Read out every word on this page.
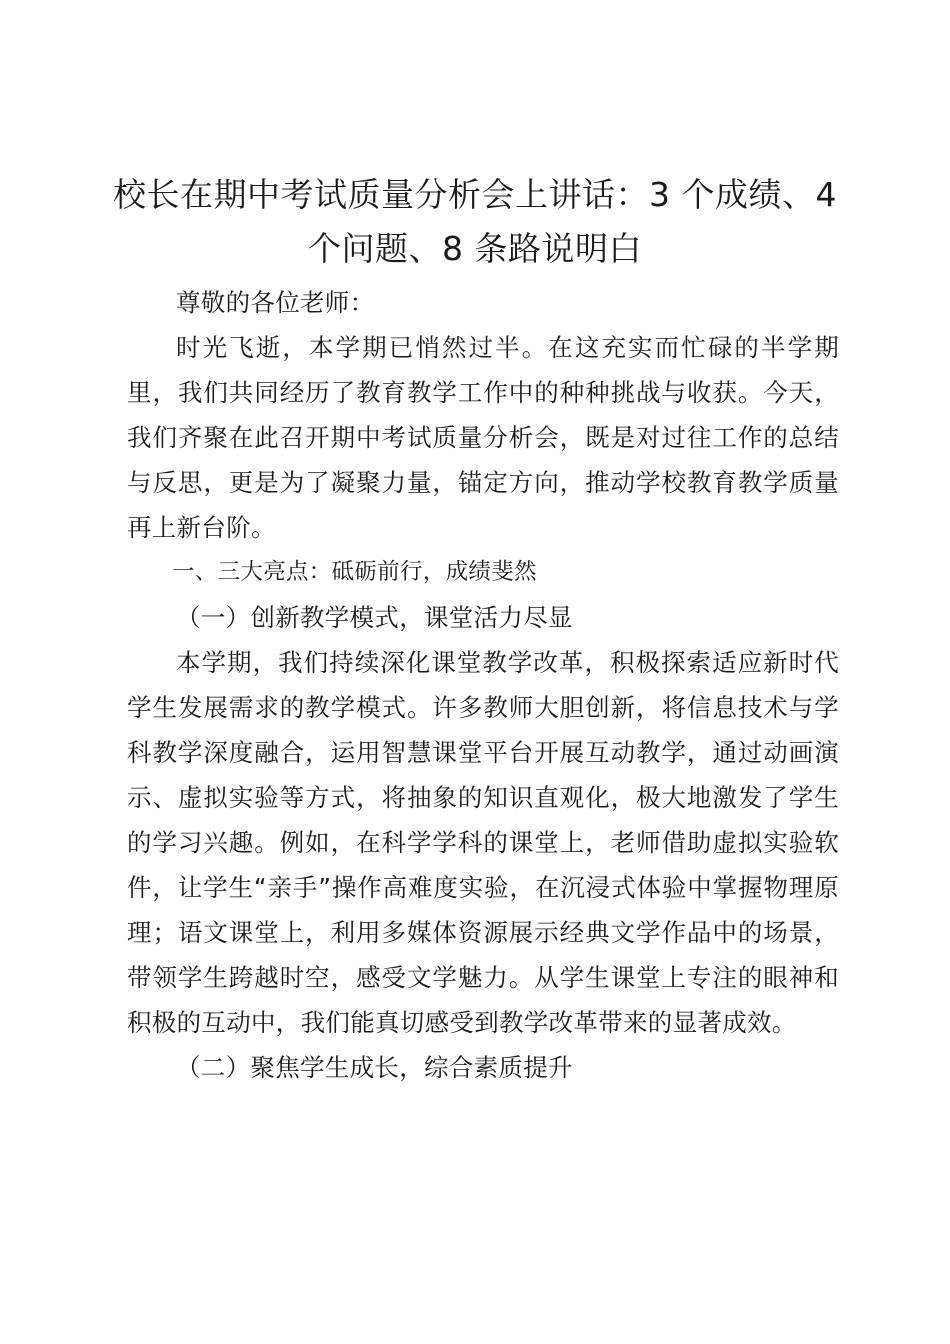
校长在期中考试质量分析会上讲话：3 个成绩、4 个问题、8 条路说明白

尊敬的各位老师：

时光飞逝，本学期已悄然过半。在这充实而忙碌的半学期里，我们共同经历了教育教学工作中的种种挑战与收获。今天，我们齐聚在此召开期中考试质量分析会，既是对过往工作的总结与反思，更是为了凝聚力量，锚定方向，推动学校教育教学质量再上新台阶。

一、三大亮点：砥砺前行，成绩斐然

（一）创新教学模式，课堂活力尽显

本学期，我们持续深化课堂教学改革，积极探索适应新时代学生发展需求的教学模式。许多教师大胆创新，将信息技术与学科教学深度融合，运用智慧课堂平台开展互动教学，通过动画演示、虚拟实验等方式，将抽象的知识直观化，极大地激发了学生的学习兴趣。例如，在科学学科的课堂上，老师借助虚拟实验软件，让学生“亲手”操作高难度实验，在沉浸式体验中掌握物理原理；语文课堂上，利用多媒体资源展示经典文学作品中的场景，带领学生跨越时空，感受文学魅力。从学生课堂上专注的眼神和积极的互动中，我们能真切感受到教学改革带来的显著成效。

（二）聚焦学生成长，综合素质提升
